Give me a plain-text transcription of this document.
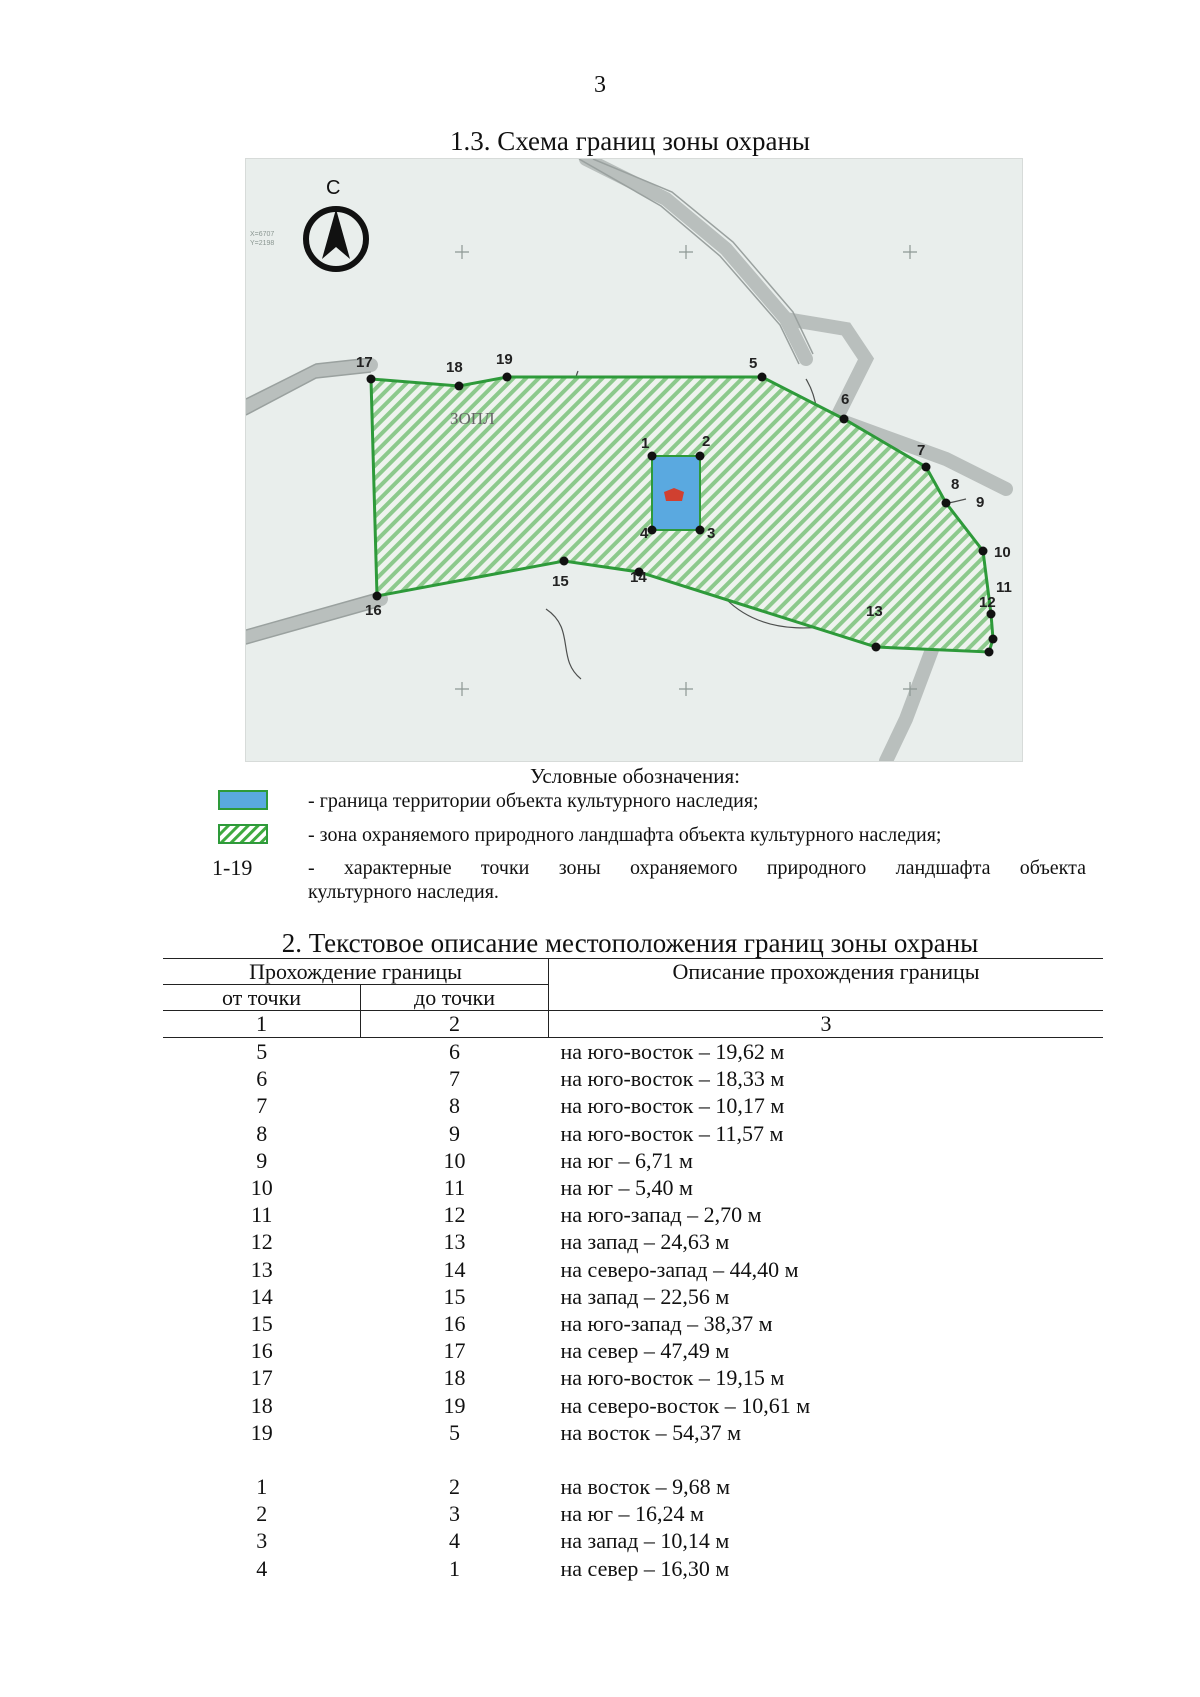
3
1.3. Схема границ зоны охраны
С
X=6707
Y=2198
ЗОПЛ
1	2
3
4
5
6
7
8
9
10
11
12
13
14
15
16
17	18 19
Условные обозначения:
- граница территории объекта культурного наследия;
- зона охраняемого природного ландшафта объекта культурного наследия;
1-19	- характерные точки зоны охраняемого природного ландшафта объекта
культурного наследия.
2. Текстовое описание местоположения границ зоны охраны
Прохождение границы		Описание прохождения границы
от точки	до точки	
1	2	3
5	6	на юго-восток – 19,62 м
6	7	на юго-восток – 18,33 м
7	8	на юго-восток – 10,17 м
8	9	на юго-восток – 11,57 м
9	10	на юг – 6,71 м
10	11	на юг – 5,40 м
11	12	на юго-запад – 2,70 м
12	13	на запад – 24,63 м
13	14	на северо-запад – 44,40 м
14	15	на запад – 22,56 м
15	16	на юго-запад – 38,37 м
16	17	на север – 47,49 м
17	18	на юго-восток – 19,15 м
18	19	на северо-восток – 10,61 м
19	5	на восток – 54,37 м

1	2	на восток – 9,68 м
2	3	на юг – 16,24 м
3	4	на запад – 10,14 м
4	1	на север – 16,30 м
